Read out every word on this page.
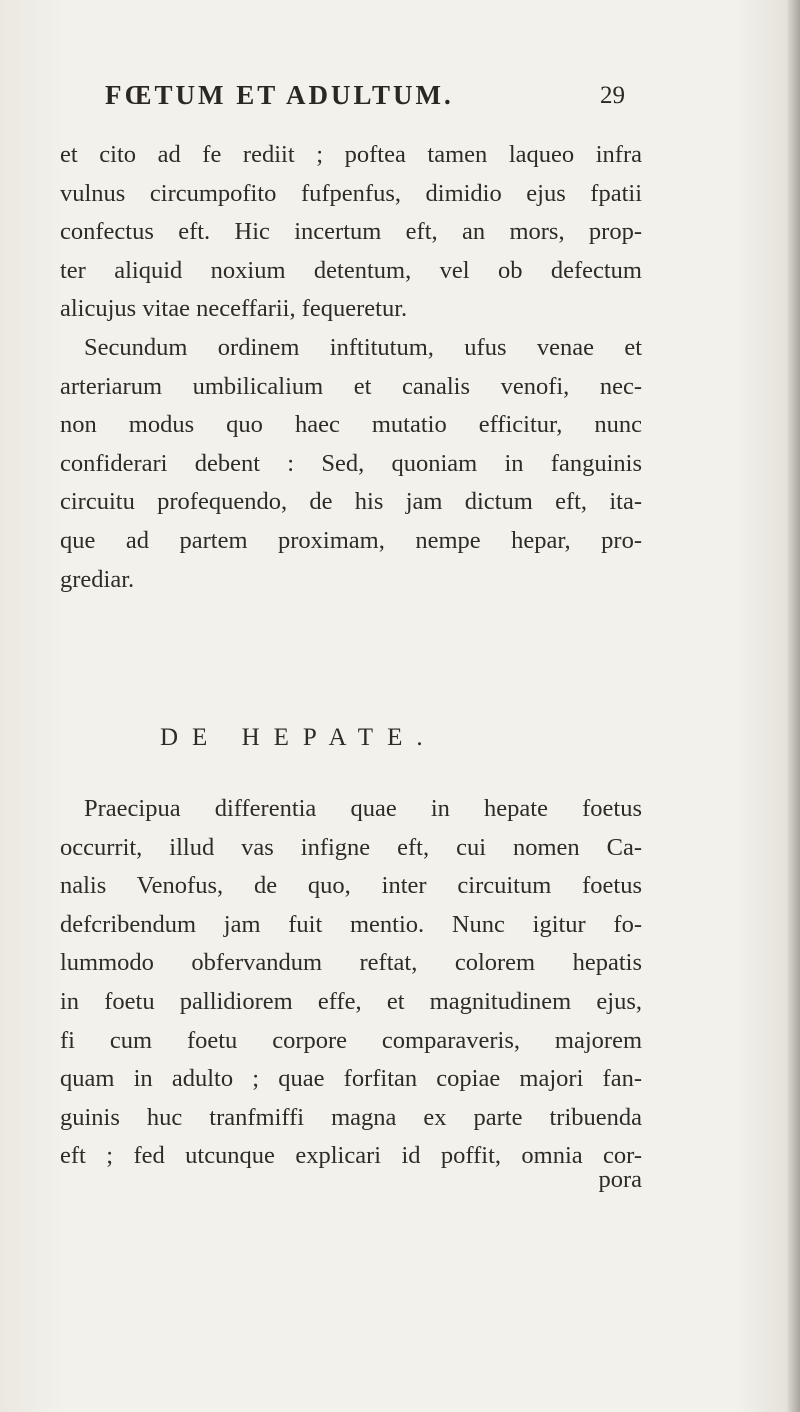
FŒTUM ET ADULTUM.	29
et cito ad fe rediit ; poftea tamen laqueo infra
vulnus circumpofito fufpenfus, dimidio ejus fpatii
confectus eft. Hic incertum eft, an mors, prop-
ter aliquid noxium detentum, vel ob defectum
alicujus vitae neceffarii, fequeretur.
Secundum ordinem inftitutum, ufus venae et
arteriarum umbilicalium et canalis venofi, nec-
non modus quo haec mutatio efficitur, nunc
confiderari debent : Sed, quoniam in fanguinis
circuitu profequendo, de his jam dictum eft, ita-
que ad partem proximam, nempe hepar, pro-
grediar.
DE HEPATE.
Praecipua differentia quae in hepate foetus
occurrit, illud vas infigne eft, cui nomen Ca-
nalis Venofus, de quo, inter circuitum foetus
defcribendum jam fuit mentio. Nunc igitur fo-
lummodo obfervandum reftat, colorem hepatis
in foetu pallidiorem effe, et magnitudinem ejus,
fi cum foetu corpore comparaveris, majorem
quam in adulto ; quae forfitan copiae majori fan-
guinis huc tranfmiffi magna ex parte tribuenda
eft ; fed utcunque explicari id poffit, omnia cor-
pora
